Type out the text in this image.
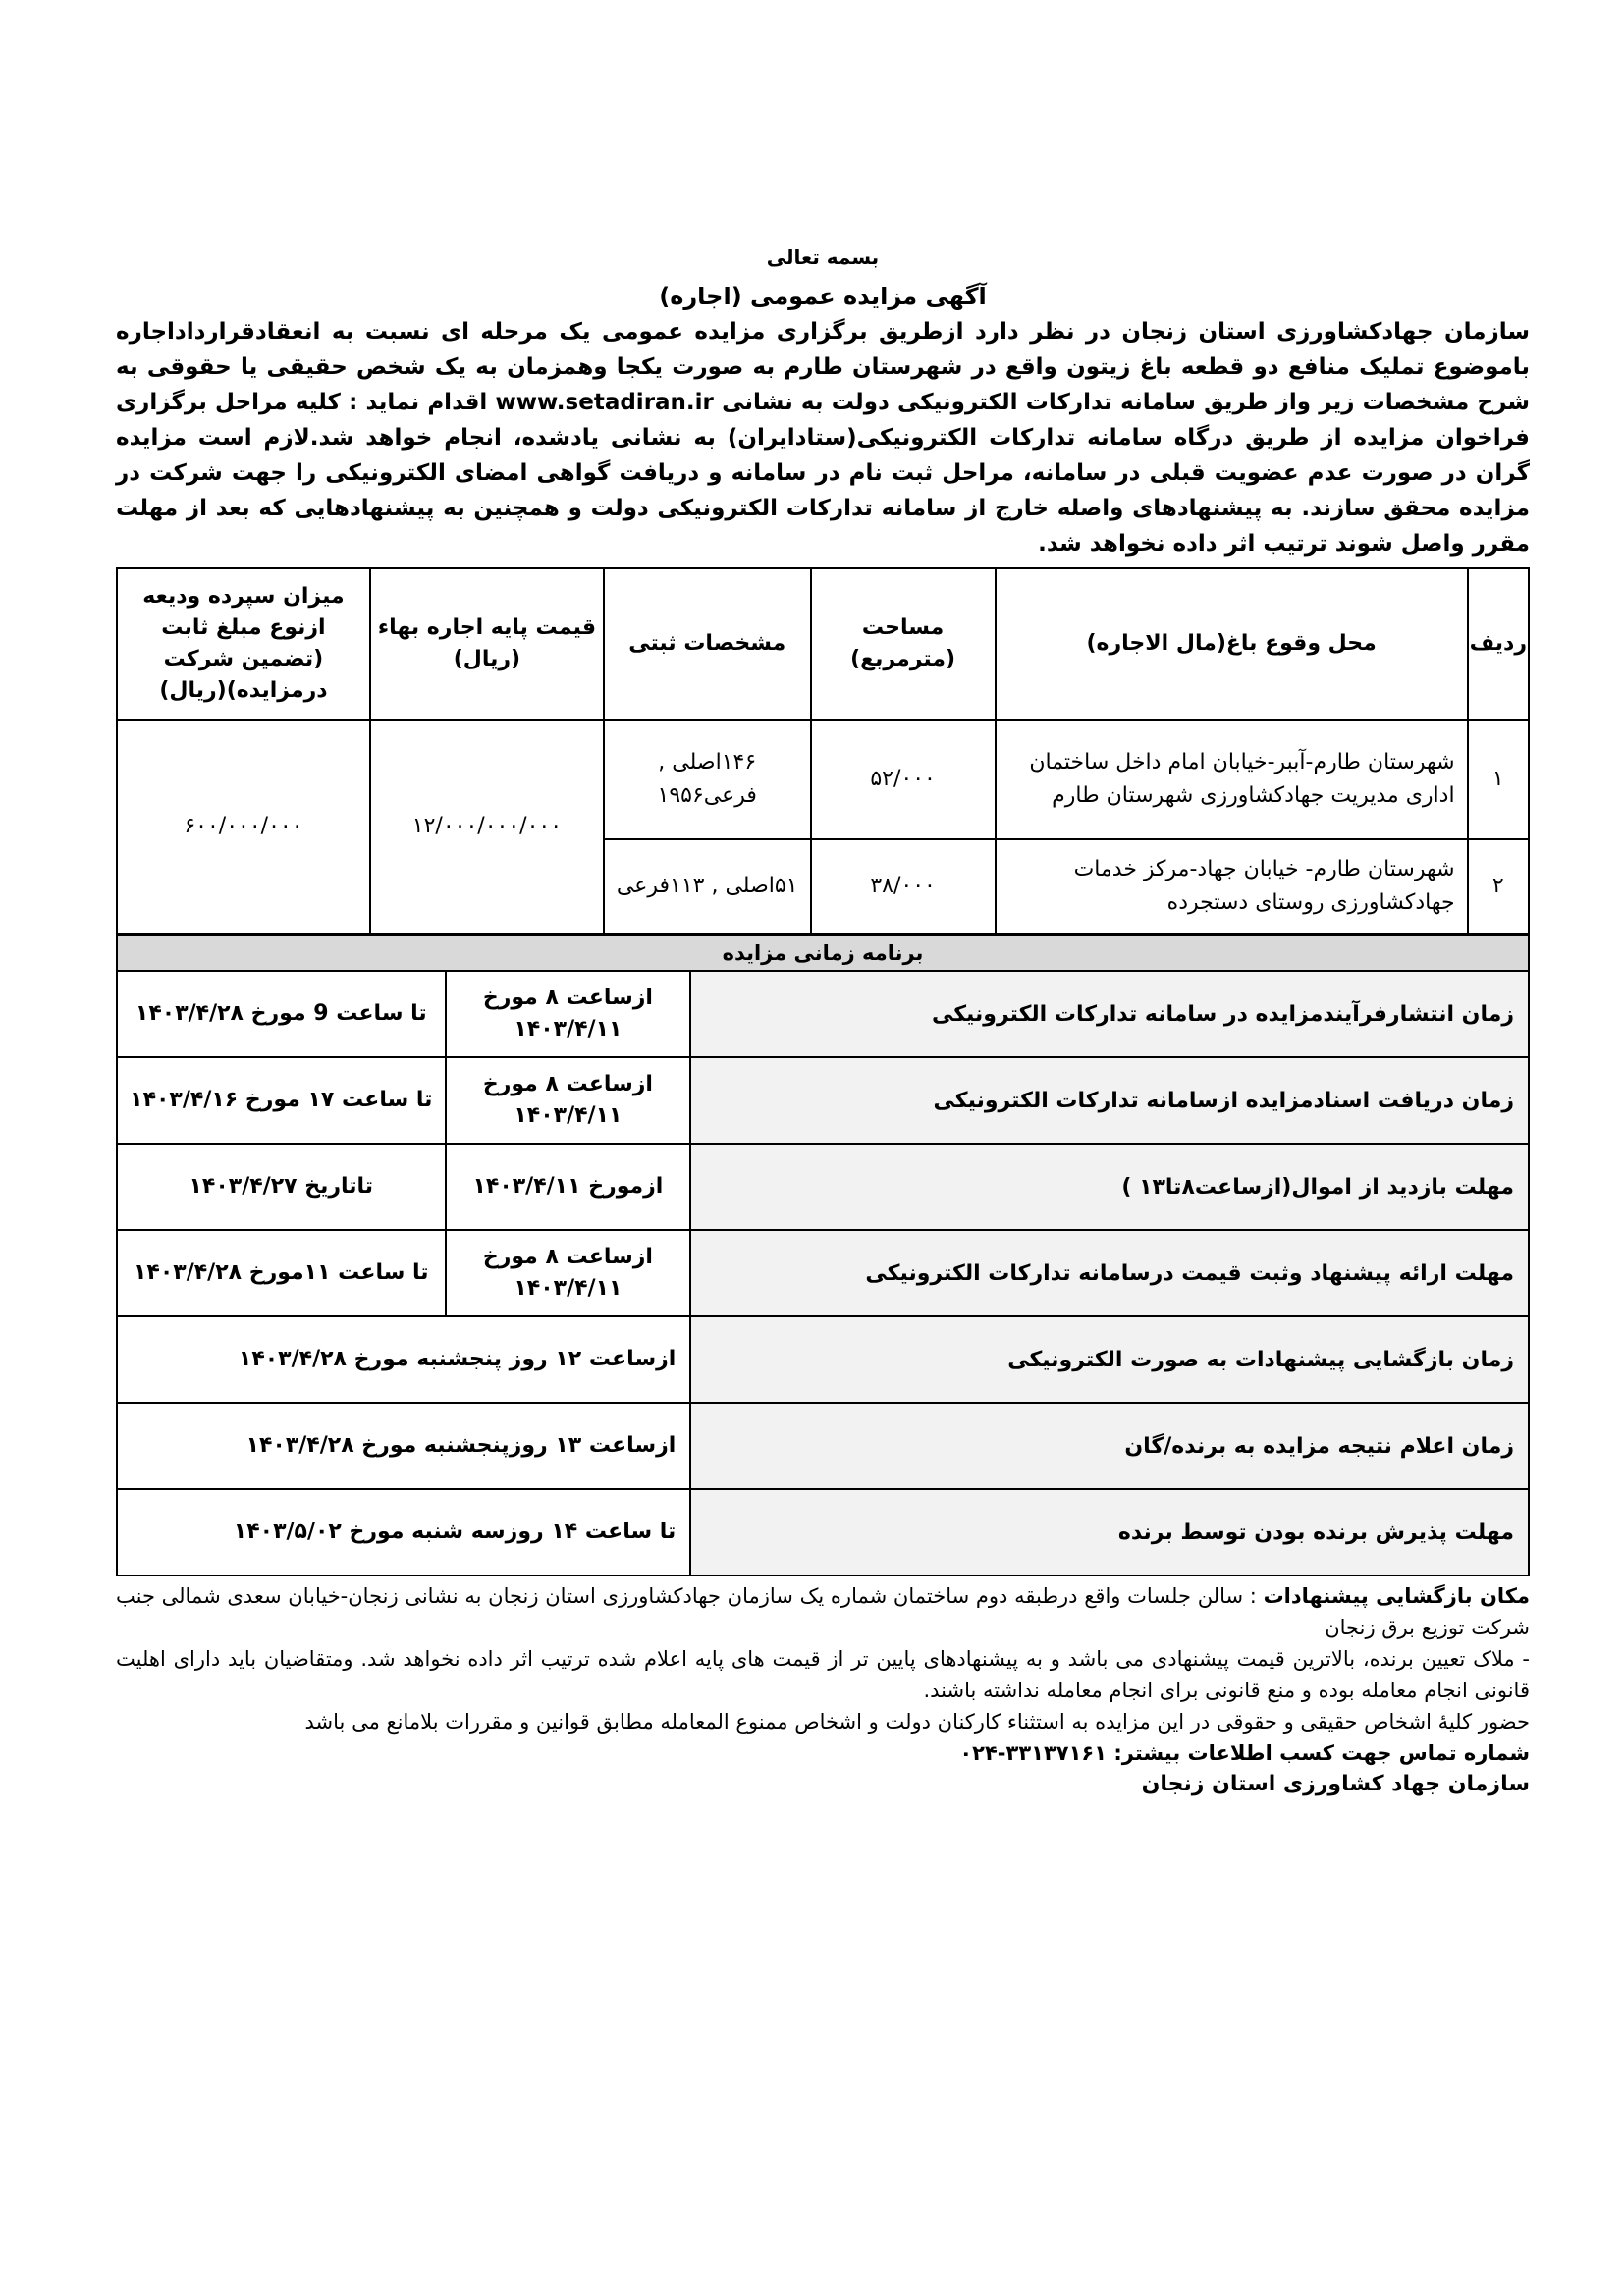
بسمه تعالی
آگهی مزایده عمومی (اجاره)

سازمان جهادکشاورزی استان زنجان در نظر دارد ازطریق برگزاری مزایده عمومی یک مرحله ای نسبت به انعقادقرارداداجاره باموضوع تملیک منافع دو قطعه باغ زیتون واقع در شهرستان طارم به صورت یکجا وهمزمان به یک شخص حقیقی یا حقوقی به شرح مشخصات زیر واز طریق سامانه تدارکات الکترونیکی دولت به نشانی www.setadiran.ir اقدام نماید : کلیه مراحل برگزاری فراخوان مزایده از طریق درگاه سامانه تدارکات الکترونیکی(ستادایران) به نشانی یادشده، انجام خواهد شد.لازم است مزایده گران در صورت عدم عضویت قبلی در سامانه، مراحل ثبت نام در سامانه و دریافت گواهی امضای الکترونیکی را جهت شرکت در مزایده محقق سازند. به پیشنهادهای واصله خارج از سامانه تدارکات الکترونیکی دولت و همچنین به پیشنهادهایی که بعد از مهلت مقرر واصل شوند ترتیب اثر داده نخواهد شد.

ردیف	محل وقوع باغ(مال الاجاره)	مساحت (مترمربع)	مشخصات ثبتی	قیمت پایه اجاره بهاء (ریال)	میزان سپرده ودیعه ازنوع مبلغ ثابت (تضمین شرکت درمزایده)(ریال)
۱	شهرستان طارم-آببر-خیابان امام داخل ساختمان اداری مدیریت جهادکشاورزی شهرستان طارم	۵۲/۰۰۰	۱۴۶اصلی , فرعی۱۹۵۶	۱۲/۰۰۰/۰۰۰/۰۰۰	۶۰۰/۰۰۰/۰۰۰
۲	شهرستان طارم- خیابان جهاد-مرکز خدمات جهادکشاورزی روستای دستجرده	۳۸/۰۰۰	۵۱اصلی , ۱۱۳فرعی		
برنامه زمانی مزایده		
زمان انتشارفرآیندمزایده در سامانه تدارکات الکترونیکی	ازساعت ۸ مورخ ۱۴۰۳/۴/۱۱	تا ساعت 9 مورخ ۱۴۰۳/۴/۲۸
زمان دریافت اسنادمزایده ازسامانه تدارکات الکترونیکی	ازساعت ۸ مورخ ۱۴۰۳/۴/۱۱	تا ساعت ۱۷ مورخ ۱۴۰۳/۴/۱۶
مهلت بازدید از اموال(ازساعت۸تا۱۳ )	ازمورخ ۱۴۰۳/۴/۱۱	تاتاریخ ۱۴۰۳/۴/۲۷
مهلت ارائه پیشنهاد وثبت قیمت درسامانه تدارکات الکترونیکی	ازساعت ۸ مورخ ۱۴۰۳/۴/۱۱	تا ساعت ۱۱مورخ ۱۴۰۳/۴/۲۸
زمان بازگشایی پیشنهادات به صورت الکترونیکی	ازساعت ۱۲ روز پنجشنبه مورخ ۱۴۰۳/۴/۲۸	
زمان اعلام نتیجه مزایده به برنده/گان	ازساعت ۱۳ روزپنجشنبه مورخ ۱۴۰۳/۴/۲۸	
مهلت پذیرش برنده بودن توسط برنده	تا ساعت ۱۴ روزسه شنبه مورخ ۱۴۰۳/۵/۰۲	

مکان بازگشایی پیشنهادات : سالن جلسات واقع درطبقه دوم ساختمان شماره یک سازمان جهادکشاورزی استان زنجان به نشانی زنجان-خیابان سعدی شمالی جنب شرکت توزیع برق زنجان

- ملاک تعیین برنده، بالاترین قیمت پیشنهادی می باشد و به پیشنهادهای پایین تر از قیمت های پایه اعلام شده ترتیب اثر داده نخواهد شد. ومتقاضیان باید دارای اهلیت قانونی انجام معامله بوده و منع قانونی برای انجام معامله نداشته باشند.

حضور کلیهٔ اشخاص حقیقی و حقوقی در این مزایده به استثناء کارکنان دولت و اشخاص ممنوع المعامله مطابق قوانین و مقررات بلامانع می باشد

شماره تماس جهت کسب اطلاعات بیشتر: ۳۳۱۳۷۱۶۱-۰۲۴

سازمان جهاد کشاورزی استان زنجان
